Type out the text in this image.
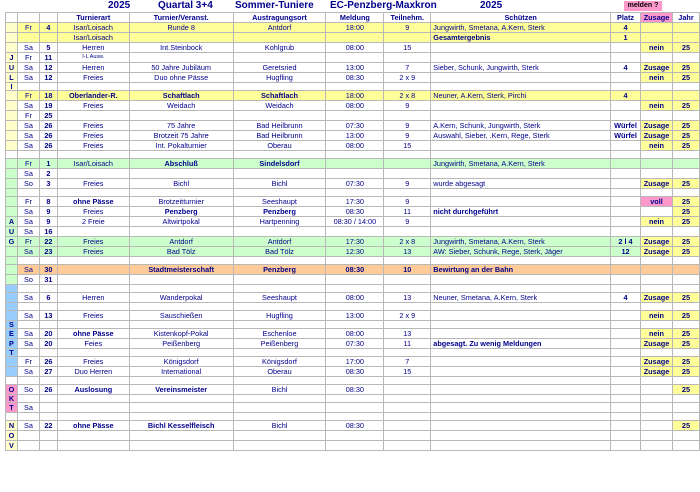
2025	Quartal 3+4 Sommer-Tuniere EC-Penzberg-Maxkron	2025	melden ?
			Turnierart	Turnier/Veranst.	Austragungsort	Meldung	Teilnehm.	Schützen	Platz	Zusage	Jahr
	Fr	4	Isar/Loisach	Runde 8	Antdorf	18:00	9	Jungwirth, Smetana, A.Kern, Sterk	4		
			Isar/Loisach					Gesamtergebnis	1		
	Sa	5	Herren	Int.Steinbock	Kohlgrub	08:00	15			nein	25
J	Fr	11	I-L Ausw.								
U	Sa	12	Herren	50 Jahre Jubiläum	Geretsried	13:00	7	Sieber, Schunk, Jungwirth, Sterk	4	Zusage	25
L	Sa	12	Freies	Duo ohne Pässe	Hugfling	08:30	2 x 9			nein	25
I											
	Fr	18	Oberlander-R.	Schaftlach	Schaftlach	18:00	2 x 8	Neuner, A.Kern, Sterk, Pirchi	4		
	Sa	19	Freies	Weidach	Weidach	08:00	9			nein	25
	Fr	25									
	Sa	26	Freies	75 Jahre	Bad Heilbrunn	07:30	9	A.Kern, Schunk, Jungwirth, Sterk	Würfel	Zusage	25
	Sa	26	Freies	Brotzeit 75 Jahre	Bad Heilbrunn	13:00	9	Auswahl, Sieber, .Kern, Rege, Sterk	Würfel	Zusage	25
	Sa	26	Freies	Int. Pokalturnier	Oberau	08:00	15			nein	25

	Fr	1	Isar/Loisach	Abschluß	Sindelsdorf			Jungwirth, Smetana, A.Kern, Sterk			
	Sa	2									
	So	3	Freies	Bichl	Bichl	07:30	9	wurde abgesagt		Zusage	25

	Fr	8	ohne Pässe	Brotzeitturnier	Seeshaupt	17:30	9			voll	25
	Sa	9	Freies	Penzberg	Penzberg	08:30	11	nicht durchgeführt			25
A	Sa	9	2 Freie	Altwirtpokal	Hartpenning	08:30 / 14:00	9			nein	25
U	Sa	16									
G	Fr	22	Freies	Antdorf	Antdorf	17:30	2 x 8	Jungwirth, Smetana, A.Kern, Sterk	2 l 4	Zusage	25
	Sa	23	Freies	Bad Tölz	Bad Tölz	12:30	13	AW: Sieber, Schunk, Rege, Sterk, Jäger	12	Zusage	25

	Sa	30		Stadtmeisterschaft	Penzberg	08:30	10	Bewirtung an der Bahn			
	So	31									

	Sa	6	Herren	Wanderpokal	Seeshaupt	08:00	13	Neuner, Smetana, A.Kern, Sterk	4	Zusage	25

	Sa	13	Freies	Sauschießen	Hugfling	13:00	2 x 9			nein	25
S											
E	Sa	20	ohne Pässe	Kistenkopf-Pokal	Eschenloe	08:00	13			nein	25
P	Sa	20	Feies	Peißenberg	Peißenberg	07:30	11	abgesagt. Zu wenig Meldungen		Zusage	25
T											
	Fr	26	Freies	Königsdorf	Königsdorf	17:00	7			Zusage	25
	Sa	27	Duo Herren	International	Oberau	08:30	15			Zusage	25

O	So	26	Auslosung	Vereinsmeister	Bichl	08:30					25
K											
T	Sa										

N	Sa	22	ohne Pässe	Bichl Kesselfleisch	Bichl	08:30					25
O											
V											
